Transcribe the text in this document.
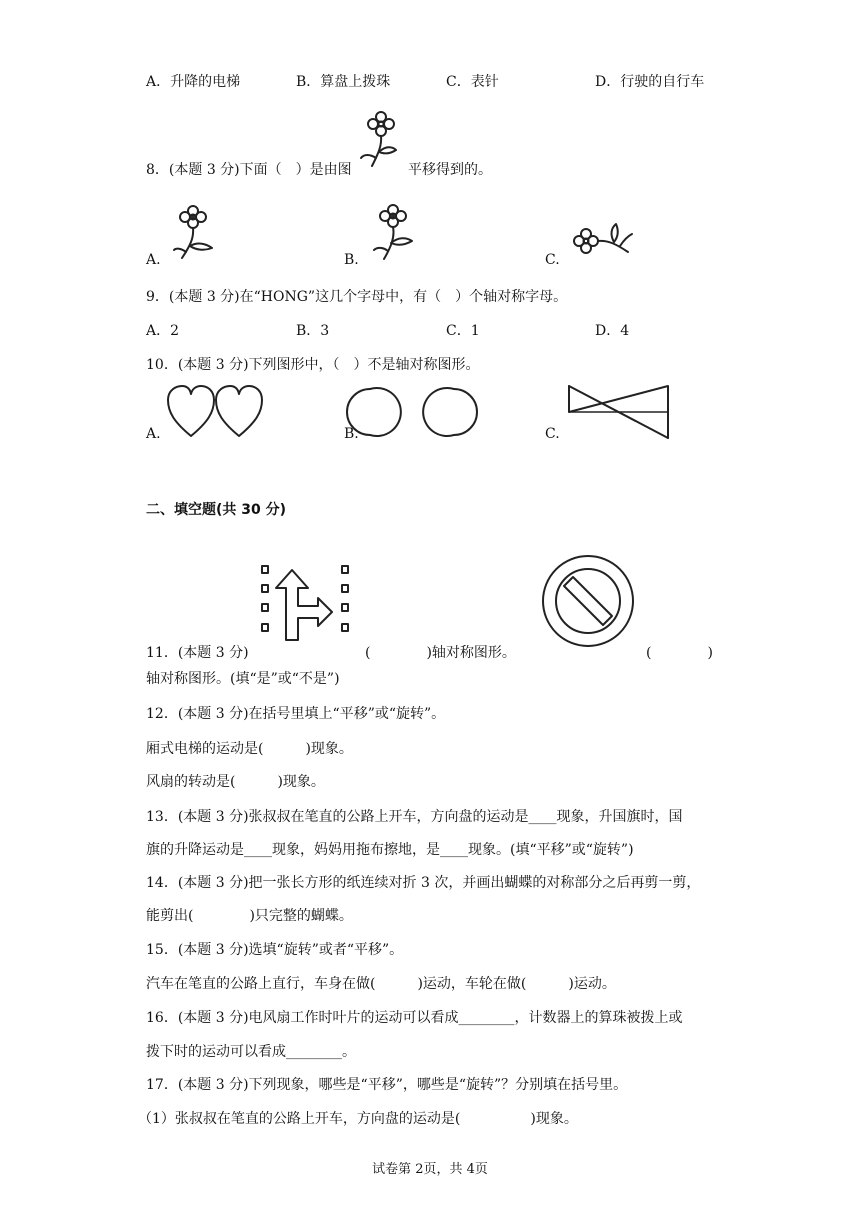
A．升降的电梯	B．算盘上拨珠	C．表针	D．行驶的自行车
8．(本题 3 分)下面（　）是由图	平移得到的。
A.	B.	C.
9．(本题 3 分)在“HONG”这几个字母中，有（　）个轴对称字母。
A．2	B．3	C．1	D．4
10．(本题 3 分)下列图形中，（　）不是轴对称图形。
A.	B.	C.
二、填空题(共 30 分)
11．(本题 3 分)	(　　　　)轴对称图形。	(　　　　)
轴对称图形。(填“是”或“不是”)
12．(本题 3 分)在括号里填上“平移”或“旋转”。
厢式电梯的运动是(　　　)现象。
风扇的转动是(　　　)现象。
13．(本题 3 分)张叔叔在笔直的公路上开车，方向盘的运动是____现象，升国旗时，国
旗的升降运动是____现象，妈妈用拖布擦地，是____现象。(填“平移”或“旋转”)
14．(本题 3 分)把一张长方形的纸连续对折 3 次，并画出蝴蝶的对称部分之后再剪一剪，
能剪出(　　　　)只完整的蝴蝶。
15．(本题 3 分)选填“旋转”或者“平移”。
汽车在笔直的公路上直行，车身在做(　　　)运动，车轮在做(　　　)运动。
16．(本题 3 分)电风扇工作时叶片的运动可以看成________，计数器上的算珠被拨上或
拨下时的运动可以看成________。
17．(本题 3 分)下列现象，哪些是“平移”，哪些是“旋转”？分别填在括号里。
（1）张叔叔在笔直的公路上开车，方向盘的运动是(　　　　　)现象。
试卷第 2页，共 4页
